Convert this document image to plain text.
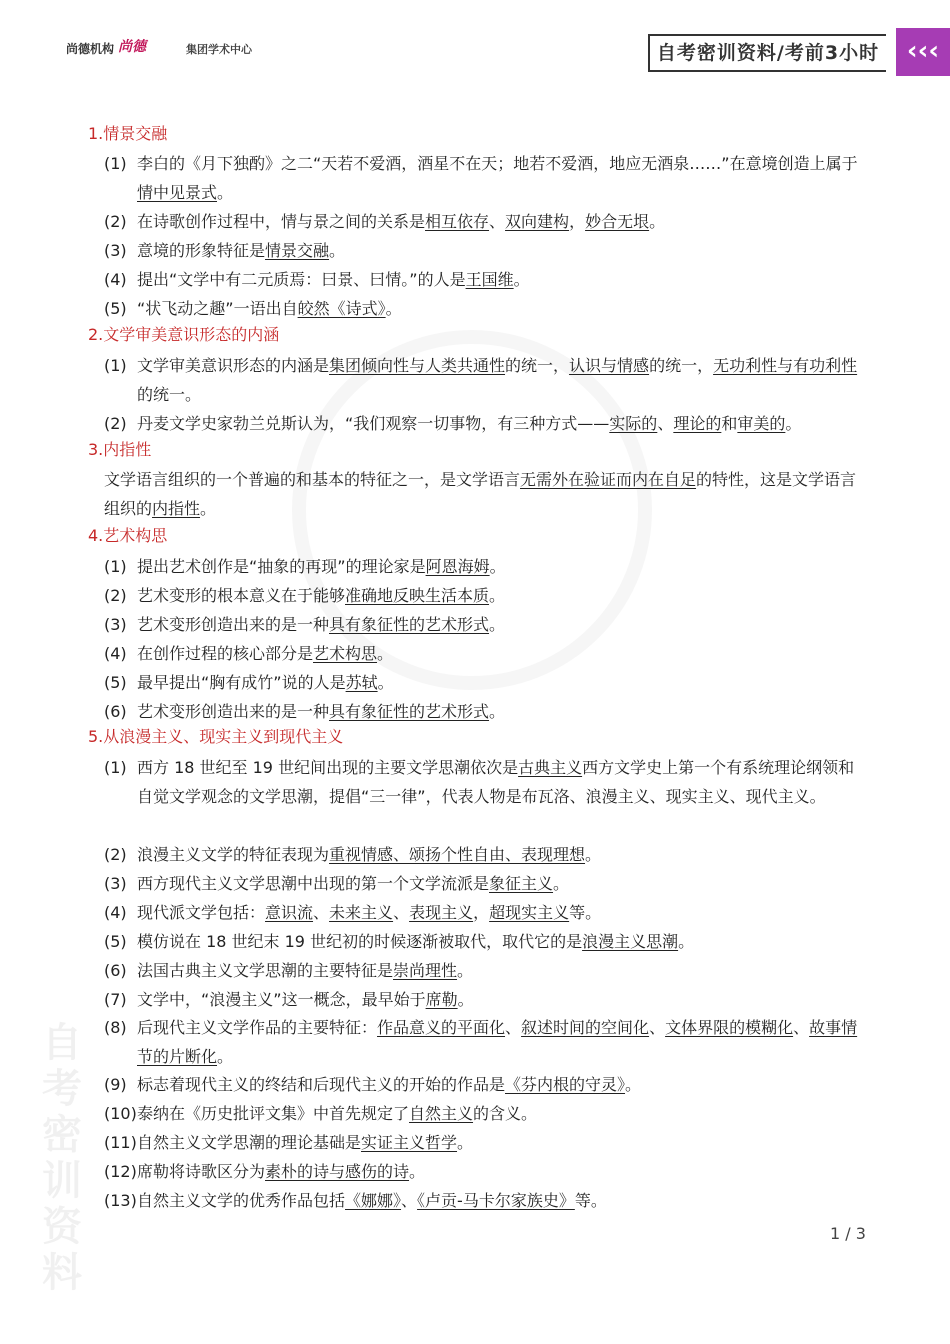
尚德机构 尚德	集团学术中心	自考密训资料/考前3小时	‹‹‹
自考密训资料
1.情景交融
(1) 李白的《月下独酌》之二“天若不爱酒，酒星不在天；地若不爱酒，地应无酒泉……”在意境创造上属于情中见景式。
(2) 在诗歌创作过程中，情与景之间的关系是相互依存、双向建构，妙合无垠。
(3) 意境的形象特征是情景交融。
(4) 提出“文学中有二元质焉：曰景、曰情。”的人是王国维。
(5) “状飞动之趣”一语出自皎然《诗式》。
2.文学审美意识形态的内涵
(1) 文学审美意识形态的内涵是集团倾向性与人类共通性的统一，认识与情感的统一，无功利性与有功利性的统一。
(2) 丹麦文学史家勃兰兑斯认为，“我们观察一切事物，有三种方式——实际的、理论的和审美的。
3.内指性
文学语言组织的一个普遍的和基本的特征之一，是文学语言无需外在验证而内在自足的特性，这是文学语言组织的内指性。
4.艺术构思
(1) 提出艺术创作是“抽象的再现”的理论家是阿恩海姆。
(2) 艺术变形的根本意义在于能够准确地反映生活本质。
(3) 艺术变形创造出来的是一种具有象征性的艺术形式。
(4) 在创作过程的核心部分是艺术构思。
(5) 最早提出“胸有成竹”说的人是苏轼。
(6) 艺术变形创造出来的是一种具有象征性的艺术形式。
5.从浪漫主义、现实主义到现代主义
(1) 西方 18 世纪至 19 世纪间出现的主要文学思潮依次是古典主义西方文学史上第一个有系统理论纲领和自觉文学观念的文学思潮，提倡“三一律”，代表人物是布瓦洛、浪漫主义、现实主义、现代主义。
(2) 浪漫主义文学的特征表现为重视情感、颂扬个性自由、表现理想。
(3) 西方现代主义文学思潮中出现的第一个文学流派是象征主义。
(4) 现代派文学包括：意识流、未来主义、表现主义，超现实主义等。
(5) 模仿说在 18 世纪末 19 世纪初的时候逐渐被取代，取代它的是浪漫主义思潮。
(6) 法国古典主义文学思潮的主要特征是崇尚理性。
(7) 文学中，“浪漫主义”这一概念，最早始于席勒。
(8) 后现代主义文学作品的主要特征：作品意义的平面化、叙述时间的空间化、文体界限的模糊化、故事情节的片断化。
(9) 标志着现代主义的终结和后现代主义的开始的作品是《芬内根的守灵》。
(10) 泰纳在《历史批评文集》中首先规定了自然主义的含义。
(11) 自然主义文学思潮的理论基础是实证主义哲学。
(12) 席勒将诗歌区分为素朴的诗与感伤的诗。
(13) 自然主义文学的优秀作品包括《娜娜》、《卢贡-马卡尔家族史》等。
1 / 3
